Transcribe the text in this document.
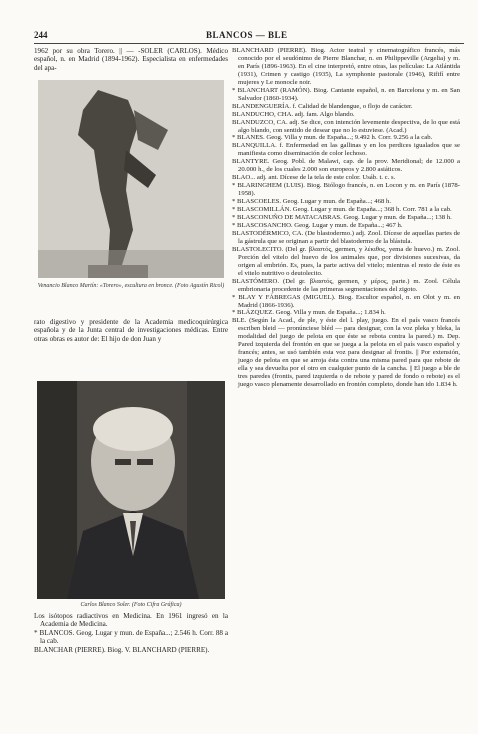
244	BLANCOS — BLE

1962 por su obra Torero. || — -SOLER (CARLOS). Médico español, n. en Madrid (1894-1962). Especialista en enfermedades del apa-

Venancio Blanco Martín: «Torero», escultura en bronce. (Foto Agustín Ricol)

rato digestivo y presidente de la Academia medicoquirúrgica española y de la Junta central de investigaciones médicas. Entre otras obras es autor de: El hijo de don Juan y

Carlos Blanco Soler. (Foto Cifra Gráfica)

Los isótopos radiactivos en Medicina. En 1961 ingresó en la Academia de Medicina.

* BLANCOS. Geog. Lugar y mun. de España...; 2.546 h. Corr. 88 a la cab.

BLANCHAR (PIERRE). Biog. V. BLANCHARD (PIERRE).

BLANCHARD (PIERRE). Biog. Actor teatral y cinematográfico francés, más conocido por el seudónimo de Pierre Blanchar, n. en Philippeville (Argelia) y m. en París (1896-1963). En el cine interpretó, entre otras, las películas: La Atlántida (1931), Crimen y castigo (1935), La symphonie pastorale (1946), Rififí entre mujeres y Le monocle noir.

* BLANCHART (RAMÓN). Biog. Cantante español, n. en Barcelona y m. en San Salvador (1860-1934).

BLANDENGUERÍA. f. Calidad de blandengue, o flojo de carácter.

BLANDUCHO, CHA. adj. fam. Algo blando.

BLANDUZCO, CA. adj. Se dice, con intención levemente despectiva, de lo que está algo blando, con sentido de desear que no lo estuviese. (Acad.)

* BLANES. Geog. Villa y mun. de España...; 9.492 h. Corr. 9.256 a la cab.

BLANQUILLA. f. Enfermedad en las gallinas y en los perdices igualados que se manifiesta como diseminación de color lechoso.

BLANTYRE. Geog. Pobl. de Malawi, cap. de la prov. Meridional; de 12.000 a 20.000 h., de los cuales 2.000 son europeos y 2.800 asiáticos.

BLAO... adj. ant. Dícese de la tela de este color. Usáb. t. c. s.

* BLARINGHEM (LUIS). Biog. Biólogo francés, n. en Locon y m. en París (1878-1958).

* BLASCOELES. Geog. Lugar y mun. de España...; 468 h.

* BLASCOMILLÁN. Geog. Lugar y mun. de España...; 368 h. Corr. 781 a la cab.

* BLASCONUÑO DE MATACABRAS. Geog. Lugar y mun. de España...; 138 h.

* BLASCOSANCHO. Geog. Lugar y mun. de España...; 467 h.

BLASTODÉRMICO, CA. (De blastodermo.) adj. Zool. Dícese de aquellas partes de la gástrula que se originan a partir del blastodermo de la blástula.

BLASTOLECITO. (Del gr. βλαστός, germen, y λέκιθος, yema de huevo.) m. Zool. Porción del vitelo del huevo de los animales que, por divisiones sucesivas, da origen al embrión. Es, pues, la parte activa del vitelo; mientras el resto de éste es el vitelo nutritivo o deutolecito.

BLASTÓMERO. (Del gr. βλαστός, germen, y μέρος, parte.) m. Zool. Célula embrionaria procedente de las primeras segmentaciones del zigoto.

* BLAY Y FÁBREGAS (MIGUEL). Biog. Escultor español, n. en Olot y m. en Madrid (1866-1936).

* BLÁZQUEZ. Geog. Villa y mun. de España...; 1.834 h.

BLE. (Según la Acad., de ple, y éste del l. play, juego. En el país vasco francés escriben bleid — pronúnciese bléd — para designar, con la voz pleka y bleka, la modalidad del juego de pelota en que éste se rebota contra la pared.) m. Dep. Pared izquierda del frontón en que se juega a la pelota en el país vasco español y francés; antes, se usó también esta voz para designar al frontis. || Por extensión, juego de pelota en que se arroja ésta contra una misma pared para que rebote de ella y sea devuelta por el otro en cualquier punto de la cancha. || El juego a ble de tres paredes (frontis, pared izquierda o de rebote y pared de fondo o rebote) es el juego vasco plenamente desarrollado en frontón completo, donde han ido 1.834 h.
